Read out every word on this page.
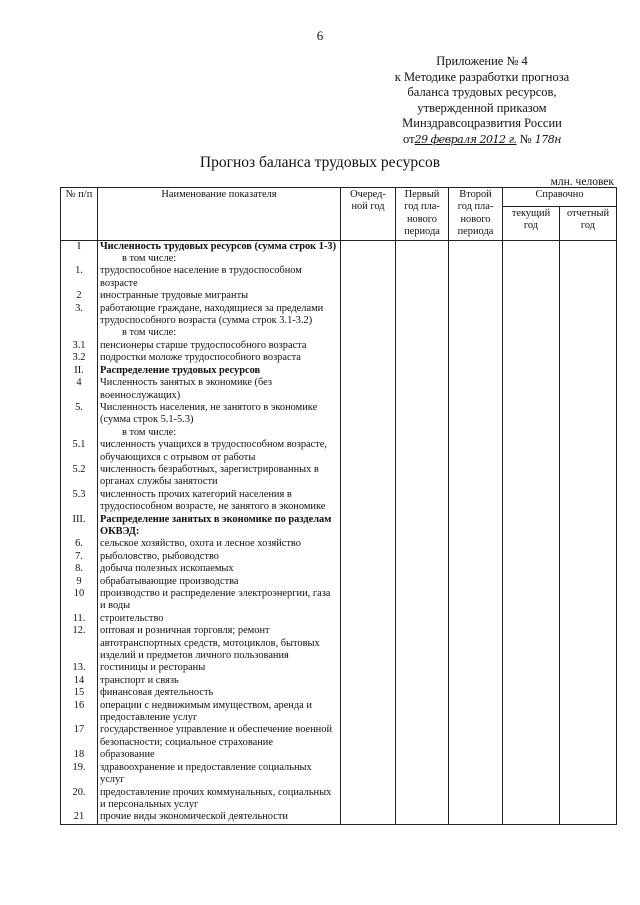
6
Приложение № 4
к Методике разработки прогноза
баланса трудовых ресурсов,
утвержденной приказом
Минздравсоцразвития России
от29 февраля 2012 г. № 178н
Прогноз баланса трудовых ресурсов
млн. человек
№ п/п	Наименование показателя	Очеред-ной год	Первый год пла-нового периода	Второй год пла-нового периода	Справочно	
					текущий год	отчетный год
I	Численность трудовых ресурсов (сумма строк 1-3)					
	в том числе:					
1.	трудоспособное население в трудоспособном возрасте					
2	иностранные трудовые мигранты					
3.	работающие граждане, находящиеся за пределами трудоспособного возраста (сумма строк 3.1-3.2)					
	в том числе:					
3.1	пенсионеры старше трудоспособного возраста					
3.2	подростки моложе трудоспособного возраста					
II.	Распределение трудовых ресурсов					
4	Численность занятых в экономике (без военнослужащих)					
5.	Численность населения, не занятого в экономике (сумма строк 5.1-5.3)					
	в том числе:					
5.1	численность учащихся в трудоспособном возрасте, обучающихся с отрывом от работы					
5.2	численность безработных, зарегистрированных в органах службы занятости					
5.3	численность прочих категорий населения в трудоспособном возрасте, не занятого в экономике					
III.	Распределение занятых в экономике по разделам ОКВЭД:					
6.	сельское хозяйство, охота и лесное хозяйство					
7.	рыболовство, рыбоводство					
8.	добыча полезных ископаемых					
9	обрабатывающие производства					
10	производство и распределение электроэнергии, газа и воды					
11.	строительство					
12.	оптовая и розничная торговля; ремонт автотранспортных средств, мотоциклов, бытовых изделий и предметов личного пользования					
13.	гостиницы и рестораны					
14	транспорт и связь					
15	финансовая деятельность					
16	операции с недвижимым имуществом, аренда и предоставление услуг					
17	государственное управление и обеспечение военной безопасности; социальное страхование					
18	образование					
19.	здравоохранение и предоставление социальных услуг					
20.	предоставление прочих коммунальных, социальных и персональных услуг					
21	прочие виды экономической деятельности					
